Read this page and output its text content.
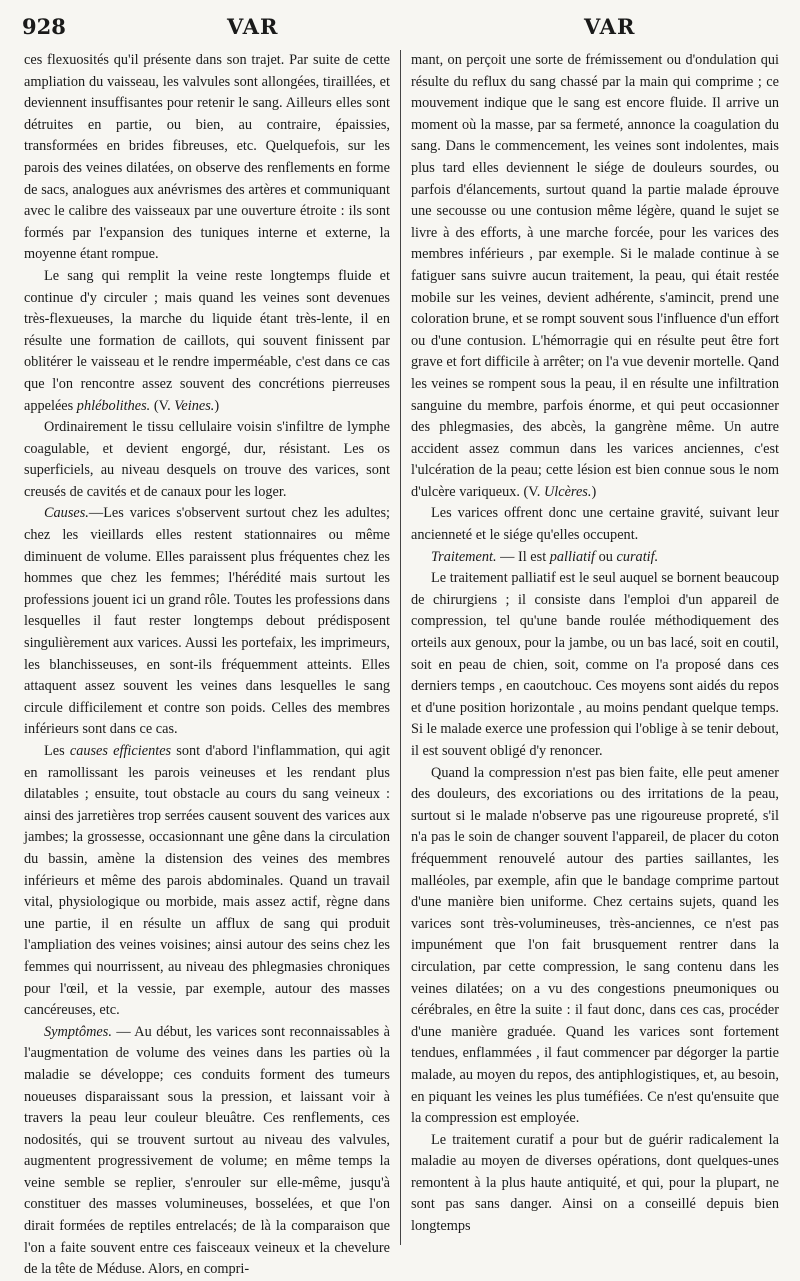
928	VAR	VAR

ces flexuosités qu'il présente dans son trajet. Par suite de cette ampliation du vaisseau, les valvules sont allongées, tiraillées, et deviennent insuffisantes pour retenir le sang. Ailleurs elles sont détruites en partie, ou bien, au contraire, épaissies, transformées en brides fibreuses, etc. Quelquefois, sur les parois des veines dilatées, on observe des renflements en forme de sacs, analogues aux anévrismes des artères et communiquant avec le calibre des vaisseaux par une ouverture étroite : ils sont formés par l'expansion des tuniques interne et externe, la moyenne étant rompue.

Le sang qui remplit la veine reste longtemps fluide et continue d'y circuler ; mais quand les veines sont devenues très-flexueuses, la marche du liquide étant très-lente, il en résulte une formation de caillots, qui souvent finissent par oblitérer le vaisseau et le rendre imperméable, c'est dans ce cas que l'on rencontre assez souvent des concrétions pierreuses appelées phlébolithes. (V. Veines.)

Ordinairement le tissu cellulaire voisin s'infiltre de lymphe coagulable, et devient engorgé, dur, résistant. Les os superficiels, au niveau desquels on trouve des varices, sont creusés de cavités et de canaux pour les loger.

Causes.—Les varices s'observent surtout chez les adultes; chez les vieillards elles restent stationnaires ou même diminuent de volume. Elles paraissent plus fréquentes chez les hommes que chez les femmes; l'hérédité mais surtout les professions jouent ici un grand rôle. Toutes les professions dans lesquelles il faut rester longtemps debout prédisposent singulièrement aux varices. Aussi les portefaix, les imprimeurs, les blanchisseuses, en sont-ils fréquemment atteints. Elles attaquent assez souvent les veines dans lesquelles le sang circule difficilement et contre son poids. Celles des membres inférieurs sont dans ce cas.

Les causes efficientes sont d'abord l'inflammation, qui agit en ramollissant les parois veineuses et les rendant plus dilatables ; ensuite, tout obstacle au cours du sang veineux : ainsi des jarretières trop serrées causent souvent des varices aux jambes; la grossesse, occasionnant une gêne dans la circulation du bassin, amène la distension des veines des membres inférieurs et même des parois abdominales. Quand un travail vital, physiologique ou morbide, mais assez actif, règne dans une partie, il en résulte un afflux de sang qui produit l'ampliation des veines voisines; ainsi autour des seins chez les femmes qui nourrissent, au niveau des phlegmasies chroniques pour l'œil, et la vessie, par exemple, autour des masses cancéreuses, etc.

Symptômes. — Au début, les varices sont reconnaissables à l'augmentation de volume des veines dans les parties où la maladie se développe; ces conduits forment des tumeurs noueuses disparaissant sous la pression, et laissant voir à travers la peau leur couleur bleuâtre. Ces renflements, ces nodosités, qui se trouvent surtout au niveau des valvules, augmentent progressivement de volume; en même temps la veine semble se replier, s'enrouler sur elle-même, jusqu'à constituer des masses volumineuses, bosselées, et que l'on dirait formées de reptiles entrelacés; de là la comparaison que l'on a faite souvent entre ces faisceaux veineux et la chevelure de la tête de Méduse. Alors, en compri-

mant, on perçoit une sorte de frémissement ou d'ondulation qui résulte du reflux du sang chassé par la main qui comprime ; ce mouvement indique que le sang est encore fluide. Il arrive un moment où la masse, par sa fermeté, annonce la coagulation du sang. Dans le commencement, les veines sont indolentes, mais plus tard elles deviennent le siége de douleurs sourdes, ou parfois d'élancements, surtout quand la partie malade éprouve une secousse ou une contusion même légère, quand le sujet se livre à des efforts, à une marche forcée, pour les varices des membres inférieurs , par exemple. Si le malade continue à se fatiguer sans suivre aucun traitement, la peau, qui était restée mobile sur les veines, devient adhérente, s'amincit, prend une coloration brune, et se rompt souvent sous l'influence d'un effort ou d'une contusion. L'hémorragie qui en résulte peut être fort grave et fort difficile à arrêter; on l'a vue devenir mortelle. Qand les veines se rompent sous la peau, il en résulte une infiltration sanguine du membre, parfois énorme, et qui peut occasionner des phlegmasies, des abcès, la gangrène même. Un autre accident assez commun dans les varices anciennes, c'est l'ulcération de la peau; cette lésion est bien connue sous le nom d'ulcère variqueux. (V. Ulcères.)

Les varices offrent donc une certaine gravité, suivant leur ancienneté et le siége qu'elles occupent.

Traitement. — Il est palliatif ou curatif.

Le traitement palliatif est le seul auquel se bornent beaucoup de chirurgiens ; il consiste dans l'emploi d'un appareil de compression, tel qu'une bande roulée méthodiquement des orteils aux genoux, pour la jambe, ou un bas lacé, soit en coutil, soit en peau de chien, soit, comme on l'a proposé dans ces derniers temps , en caoutchouc. Ces moyens sont aidés du repos et d'une position horizontale , au moins pendant quelque temps. Si le malade exerce une profession qui l'oblige à se tenir debout, il est souvent obligé d'y renoncer.

Quand la compression n'est pas bien faite, elle peut amener des douleurs, des excoriations ou des irritations de la peau, surtout si le malade n'observe pas une rigoureuse propreté, s'il n'a pas le soin de changer souvent l'appareil, de placer du coton fréquemment renouvelé autour des parties saillantes, les malléoles, par exemple, afin que le bandage comprime partout d'une manière bien uniforme. Chez certains sujets, quand les varices sont très-volumineuses, très-anciennes, ce n'est pas impunément que l'on fait brusquement rentrer dans la circulation, par cette compression, le sang contenu dans les veines dilatées; on a vu des congestions pneumoniques ou cérébrales, en être la suite : il faut donc, dans ces cas, procéder d'une manière graduée. Quand les varices sont fortement tendues, enflammées , il faut commencer par dégorger la partie malade, au moyen du repos, des antiphlogistiques, et, au besoin, en piquant les veines les plus tuméfiées. Ce n'est qu'ensuite que la compression est employée.

Le traitement curatif a pour but de guérir radicalement la maladie au moyen de diverses opérations, dont quelques-unes remontent à la plus haute antiquité, et qui, pour la plupart, ne sont pas sans danger. Ainsi on a conseillé depuis bien longtemps
